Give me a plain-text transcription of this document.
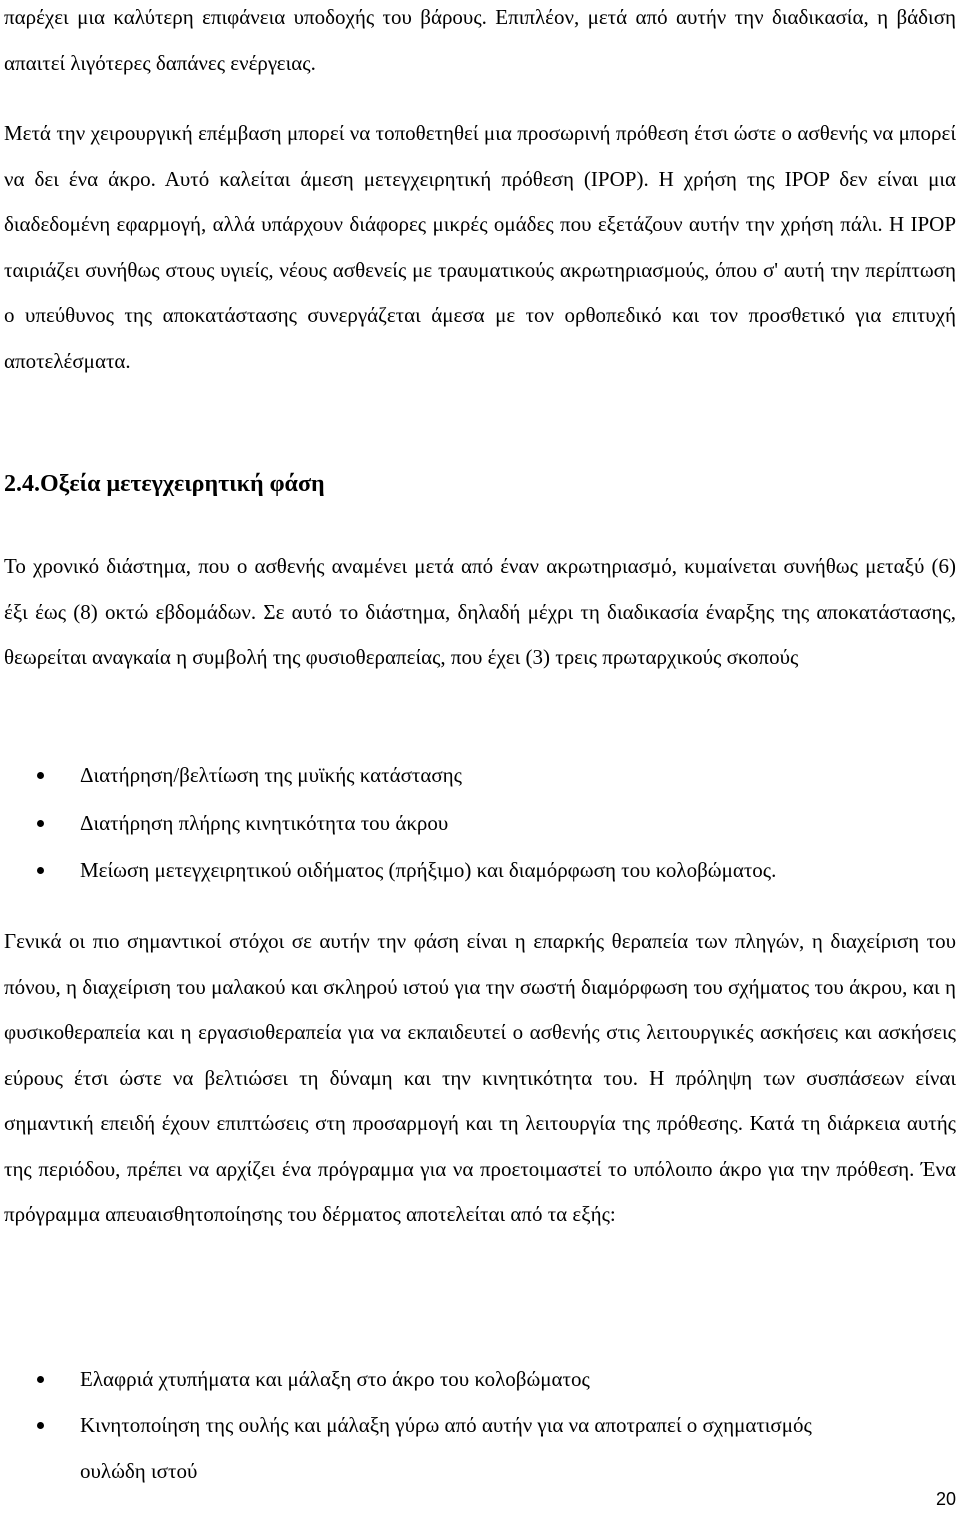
παρέχει μια καλύτερη επιφάνεια υποδοχής του βάρους. Επιπλέον, μετά από αυτήν την διαδικασία, η βάδιση απαιτεί λιγότερες δαπάνες ενέργειας.

Μετά την χειρουργική επέμβαση μπορεί να τοποθετηθεί μια προσωρινή πρόθεση έτσι ώστε ο ασθενής να μπορεί να δει ένα άκρο. Αυτό καλείται άμεση μετεγχειρητική πρόθεση (IPOP). Η χρήση της IPOP δεν είναι μια διαδεδομένη εφαρμογή, αλλά υπάρχουν διάφορες μικρές ομάδες που εξετάζουν αυτήν την χρήση πάλι. Η IPOP ταιριάζει συνήθως στους υγιείς, νέους ασθενείς με τραυματικούς ακρωτηριασμούς, όπου σ' αυτή την περίπτωση ο υπεύθυνος της αποκατάστασης συνεργάζεται άμεσα με τον ορθοπεδικό και τον προσθετικό για επιτυχή αποτελέσματα.

2.4.Οξεία μετεγχειρητική φάση

Το χρονικό διάστημα, που ο ασθενής αναμένει μετά από έναν ακρωτηριασμό, κυμαίνεται συνήθως μεταξύ (6) έξι έως (8) οκτώ εβδομάδων. Σε αυτό το διάστημα, δηλαδή μέχρι τη διαδικασία έναρξης της αποκατάστασης, θεωρείται αναγκαία η συμβολή της φυσιοθεραπείας, που έχει (3) τρεις πρωταρχικούς σκοπούς

Διατήρηση/βελτίωση της μυϊκής κατάστασης
Διατήρηση πλήρης κινητικότητα του άκρου
Μείωση μετεγχειρητικού οιδήματος (πρήξιμο) και διαμόρφωση του κολοβώματος.

Γενικά οι πιο σημαντικοί στόχοι σε αυτήν την φάση είναι η επαρκής θεραπεία των πληγών, η διαχείριση του πόνου, η διαχείριση του μαλακού και σκληρού ιστού για την σωστή διαμόρφωση του σχήματος του άκρου, και η φυσικοθεραπεία και η εργασιοθεραπεία για να εκπαιδευτεί ο ασθενής στις λειτουργικές ασκήσεις και ασκήσεις εύρους έτσι ώστε να βελτιώσει τη δύναμη και την κινητικότητα του. Η πρόληψη των συσπάσεων είναι σημαντική επειδή έχουν επιπτώσεις στη προσαρμογή και τη λειτουργία της πρόθεσης. Κατά τη διάρκεια αυτής της περιόδου, πρέπει να αρχίζει ένα πρόγραμμα για να προετοιμαστεί το υπόλοιπο άκρο για την πρόθεση. Ένα πρόγραμμα απευαισθητοποίησης του δέρματος αποτελείται από τα εξής:

Ελαφριά χτυπήματα και μάλαξη στο άκρο του κολοβώματος
Κινητοποίηση της ουλής και μάλαξη γύρω από αυτήν για να αποτραπεί ο σχηματισμός ουλώδη ιστού
20
